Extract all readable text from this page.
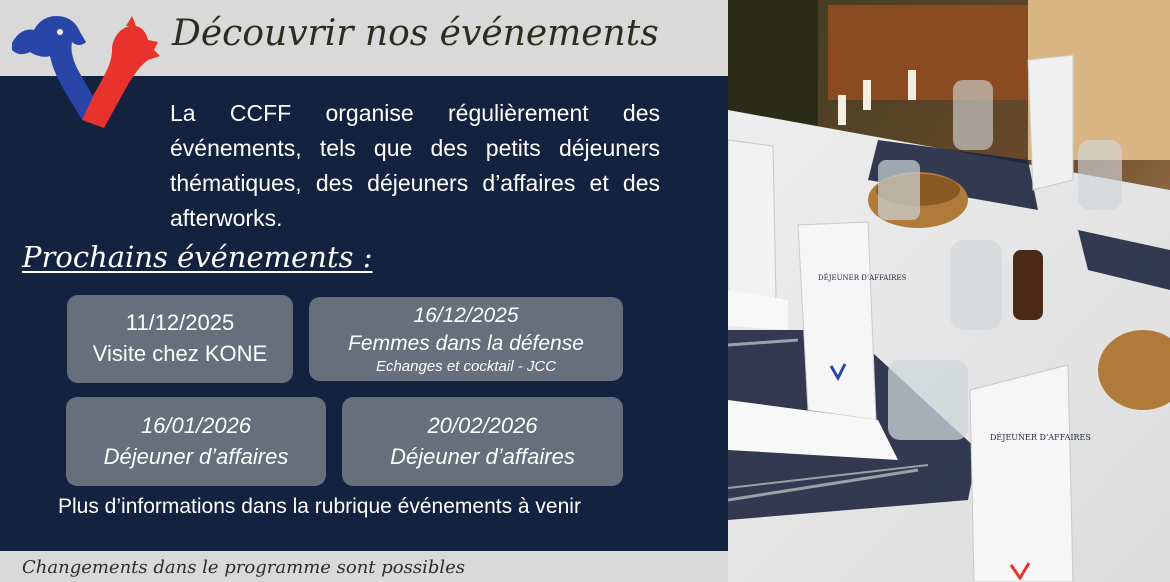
Découvrir nos événements
La CCFF organise régulièrement des événements, tels que des petits déjeuners thématiques, des déjeuners d’affaires et des afterworks.
Prochains événements :
11/12/2025
Visite chez KONE
16/12/2025
Femmes dans la défense
Echanges et cocktail - JCC
16/01/2026
Déjeuner d’affaires
20/02/2026
Déjeuner d’affaires
Plus d’informations dans la rubrique événements à venir
Changements dans le programme sont possibles
DÉJEUNER D’AFFAIRES
DÉJEUNER D’AFFAIRES
